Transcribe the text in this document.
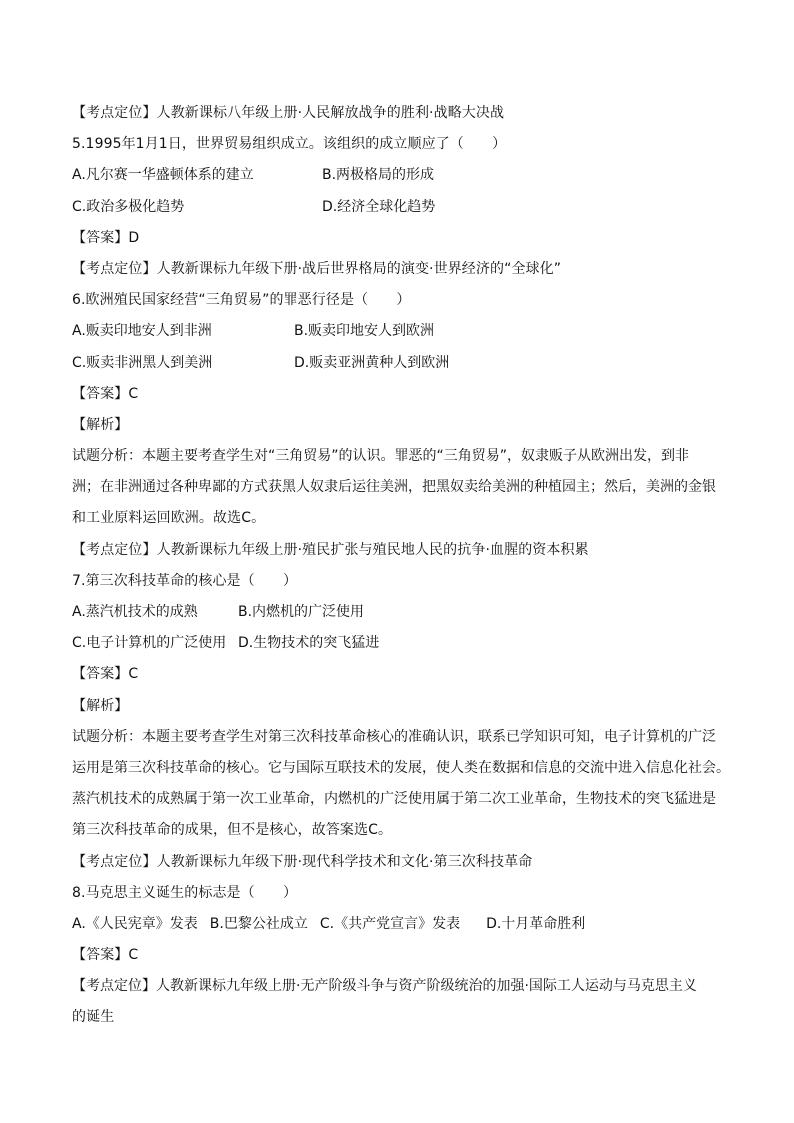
【考点定位】人教新课标八年级上册·人民解放战争的胜利·战略大决战
5.1995年1月1日，世界贸易组织成立。该组织的成立顺应了（　　）
A.凡尔赛一华盛顿体系的建立	B.两极格局的形成
C.政治多极化趋势	D.经济全球化趋势
【答案】D
【考点定位】人教新课标九年级下册·战后世界格局的演变·世界经济的“全球化”
6.欧洲殖民国家经营“三角贸易”的罪恶行径是（　　）
A.贩卖印地安人到非洲	B.贩卖印地安人到欧洲
C.贩卖非洲黑人到美洲	D.贩卖亚洲黄种人到欧洲
【答案】C
【解析】
试题分析：本题主要考查学生对“三角贸易”的认识。罪恶的“三角贸易”，奴隶贩子从欧洲出发，到非
洲；在非洲通过各种卑鄙的方式获黑人奴隶后运往美洲，把黑奴卖给美洲的种植园主；然后，美洲的金银
和工业原料运回欧洲。故选C。
【考点定位】人教新课标九年级上册·殖民扩张与殖民地人民的抗争·血腥的资本积累
7.第三次科技革命的核心是（　　）
A.蒸汽机技术的成熟	B.内燃机的广泛使用
C.电子计算机的广泛使用 D.生物技术的突飞猛进
【答案】C
【解析】
试题分析：本题主要考查学生对第三次科技革命核心的准确认识，联系已学知识可知，电子计算机的广泛
运用是第三次科技革命的核心。它与国际互联技术的发展，使人类在数据和信息的交流中进入信息化社会。
蒸汽机技术的成熟属于第一次工业革命，内燃机的广泛使用属于第二次工业革命，生物技术的突飞猛进是
第三次科技革命的成果，但不是核心，故答案选C。
【考点定位】人教新课标九年级下册·现代科学技术和文化·第三次科技革命
8.马克思主义诞生的标志是（　　）
A.《人民宪章》发表 B.巴黎公社成立 C.《共产党宣言》发表 D.十月革命胜利
【答案】C
【考点定位】人教新课标九年级上册·无产阶级斗争与资产阶级统治的加强·国际工人运动与马克思主义
的诞生
